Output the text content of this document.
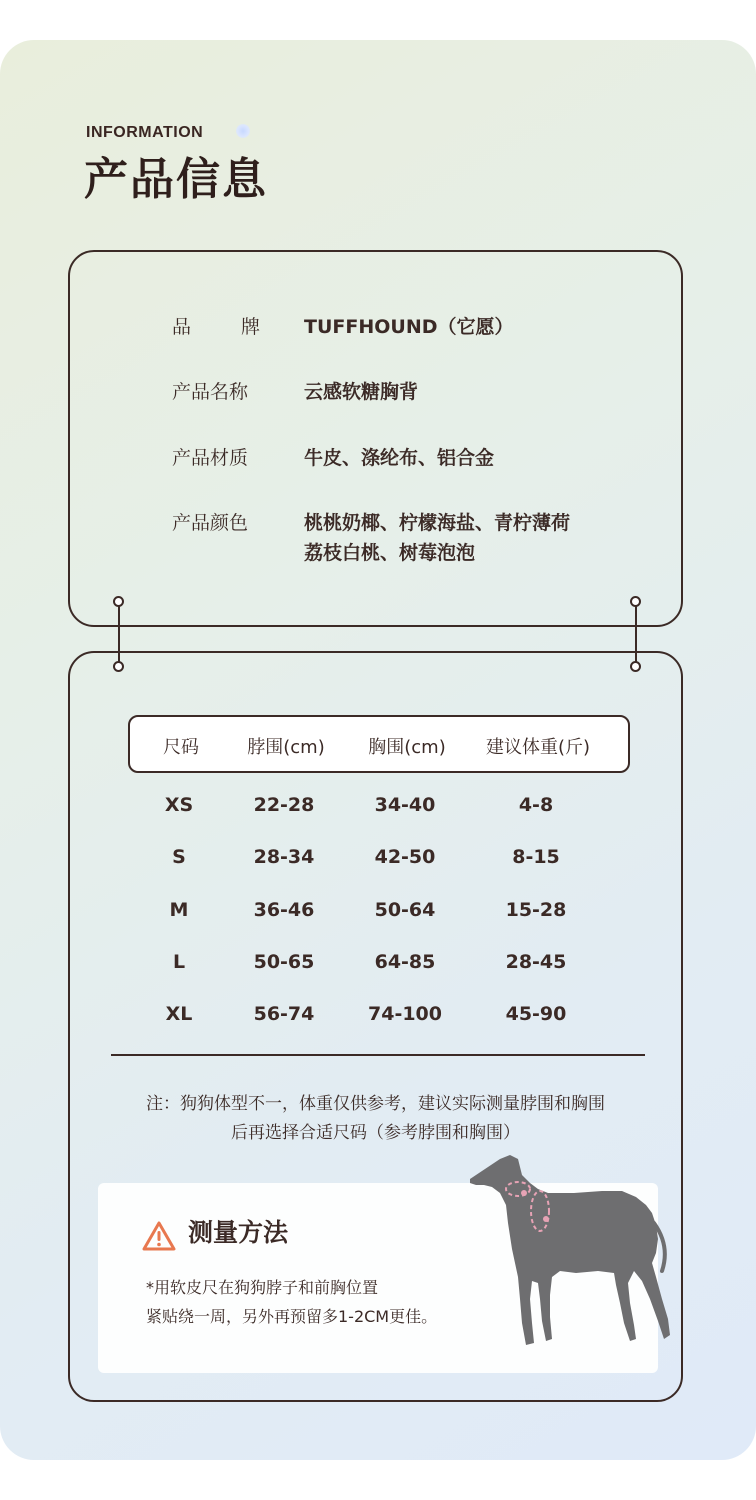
INFORMATION
产品信息
品	牌 TUFFHOUND（它愿）
产品名称	云感软糖胸背
产品材质	牛皮、涤纶布、铝合金
产品颜色	桃桃奶椰、柠檬海盐、青柠薄荷
荔枝白桃、树莓泡泡
尺码	脖围(cm) 胸围(cm) 建议体重(斤)
XS	22-28	34-40	4-8
S	28-34	42-50	8-15
M	36-46	50-64	15-28
L	50-65	64-85	28-45
XL	56-74	74-100	45-90
注：狗狗体型不一，体重仅供参考，建议实际测量脖围和胸围
后再选择合适尺码（参考脖围和胸围）
测量方法
*用软皮尺在狗狗脖子和前胸位置
紧贴绕一周，另外再预留多1-2CM更佳。
